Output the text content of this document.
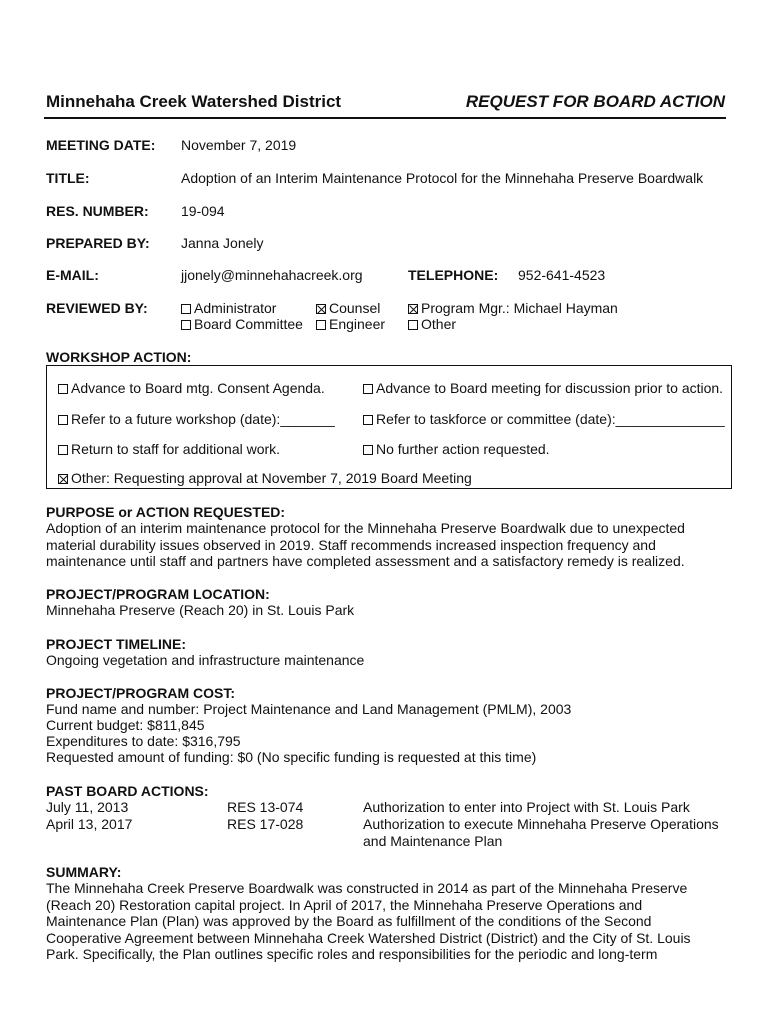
Minnehaha Creek Watershed District	REQUEST FOR BOARD ACTION
MEETING DATE: November 7, 2019
TITLE:	Adoption of an Interim Maintenance Protocol for the Minnehaha Preserve Boardwalk
RES. NUMBER: 19-094
PREPARED BY: Janna Jonely
E-MAIL:	jjonely@minnehahacreek.org	TELEPHONE: 952-641-4523
REVIEWED BY:	Administrator	Counsel	Program Mgr.: Michael Hayman
Board Committee	Engineer	Other
WORKSHOP ACTION:
Advance to Board mtg. Consent Agenda.	Advance to Board meeting for discussion prior to action.
Refer to a future workshop (date):_______	Refer to taskforce or committee (date):______________
Return to staff for additional work.	No further action requested.
Other: Requesting approval at November 7, 2019 Board Meeting
PURPOSE or ACTION REQUESTED:
Adoption of an interim maintenance protocol for the Minnehaha Preserve Boardwalk due to unexpected material durability issues observed in 2019. Staff recommends increased inspection frequency and maintenance until staff and partners have completed assessment and a satisfactory remedy is realized.
PROJECT/PROGRAM LOCATION:
Minnehaha Preserve (Reach 20) in St. Louis Park
PROJECT TIMELINE:
Ongoing vegetation and infrastructure maintenance
PROJECT/PROGRAM COST:
Fund name and number: Project Maintenance and Land Management (PMLM), 2003
Current budget: $811,845
Expenditures to date: $316,795
Requested amount of funding: $0 (No specific funding is requested at this time)
PAST BOARD ACTIONS:
July 11, 2013	RES 13-074	Authorization to enter into Project with St. Louis Park
April 13, 2017	RES 17-028	Authorization to execute Minnehaha Preserve Operations and Maintenance Plan
SUMMARY:
The Minnehaha Creek Preserve Boardwalk was constructed in 2014 as part of the Minnehaha Preserve (Reach 20) Restoration capital project. In April of 2017, the Minnehaha Preserve Operations and Maintenance Plan (Plan) was approved by the Board as fulfillment of the conditions of the Second Cooperative Agreement between Minnehaha Creek Watershed District (District) and the City of St. Louis Park. Specifically, the Plan outlines specific roles and responsibilities for the periodic and long-term
